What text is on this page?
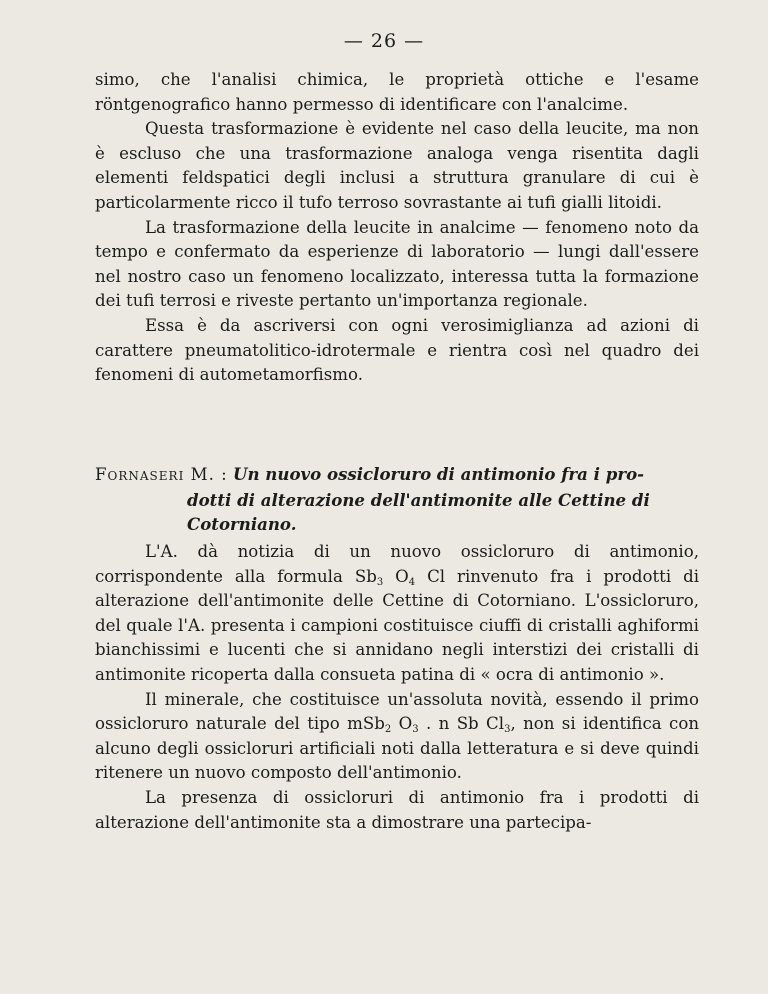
— 26 —

simo, che l'analisi chimica, le proprietà ottiche e l'esame röntgenografico hanno permesso di identificare con l'analcime.

Questa trasformazione è evidente nel caso della leucite, ma non è escluso che una trasformazione analoga venga risentita dagli elementi feldspatici degli inclusi a struttura granulare di cui è particolarmente ricco il tufo terroso sovrastante ai tufi gialli litoidi.

La trasformazione della leucite in analcime — fenomeno noto da tempo e confermato da esperienze di laboratorio — lungi dall'essere nel nostro caso un fenomeno localizzato, interessa tutta la formazione dei tufi terrosi e riveste pertanto un'importanza regionale.

Essa è da ascriversi con ogni verosimiglianza ad azioni di carattere pneumatolitico-idrotermale e rientra così nel quadro dei fenomeni di autometamorfismo.

Fornaseri M. : Un nuovo ossicloruro di antimonio fra i pro-
dotti di alterazione dell'antimonite alle Cettine di
Cotorniano.

L'A. dà notizia di un nuovo ossicloruro di antimonio, corrispondente alla formula $Sb_3$ $O_4$ Cl rinvenuto fra i prodotti di alterazione dell'antimonite delle Cettine di Cotorniano. L'ossicloruro, del quale l'A. presenta i campioni costituisce ciuffi di cristalli aghiformi bianchissimi e lucenti che si annidano negli interstizi dei cristalli di antimonite ricoperta dalla consueta patina di « ocra di antimonio ».

Il minerale, che costituisce un'assoluta novità, essendo il primo ossicloruro naturale del tipo mSb$_2$ $O_3$ . n Sb $Cl_3$, non si identifica con alcuno degli ossicloruri artificiali noti dalla letteratura e si deve quindi ritenere un nuovo composto dell'antimonio.

La presenza di ossicloruri di antimonio fra i prodotti di alterazione dell'antimonite sta a dimostrare una partecipa-
